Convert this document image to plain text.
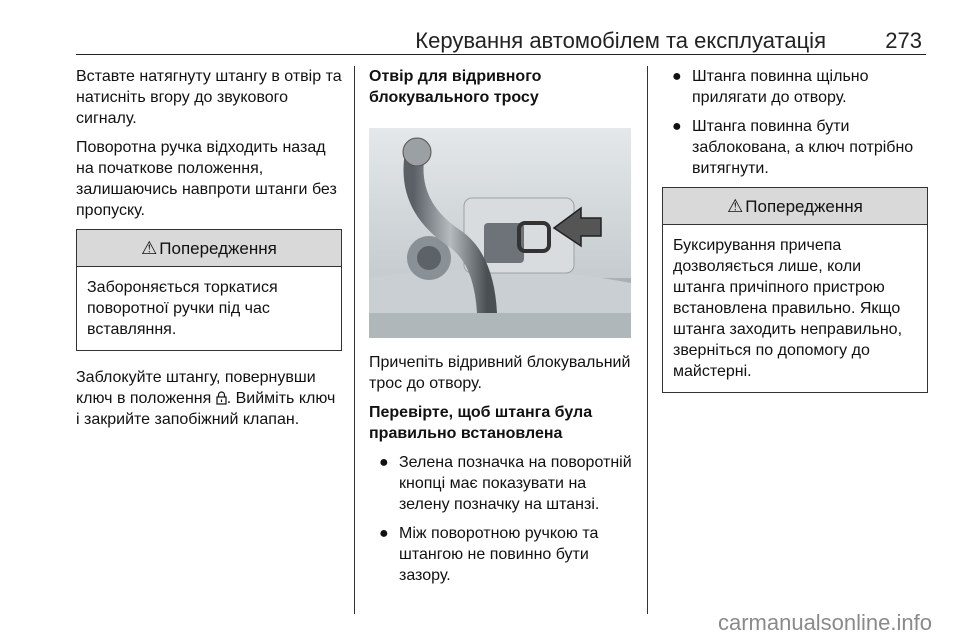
Керування автомобілем та експлуатація	273

Вставте натягнуту штангу в отвір та натисніть вгору до звукового сигналу.

Поворотна ручка відходить назад на початкове положення, залишаючись навпроти штанги без пропуску.

⚠ Попередження
Забороняється торкатися поворотної ручки під час вставляння.

Заблокуйте штангу, повернувши ключ в положення . Вийміть ключ і закрийте запобіжний клапан.

Отвір для відривного блокувального тросу

Причепіть відривний блокувальний трос до отвору.

Перевірте, щоб штанга була правильно встановлена
● Зелена позначка на поворотній кнопці має показувати на зелену позначку на штанзі.
● Між поворотною ручкою та штангою не повинно бути зазору.
● Штанга повинна щільно прилягати до отвору.
● Штанга повинна бути заблокована, а ключ потрібно витягнути.
⚠ Попередження
Буксирування причепа дозволяється лише, коли штанга причіпного пристрою встановлена правильно. Якщо штанга заходить неправильно, зверніться по допомогу до майстерні.
carmanualsonline.info
